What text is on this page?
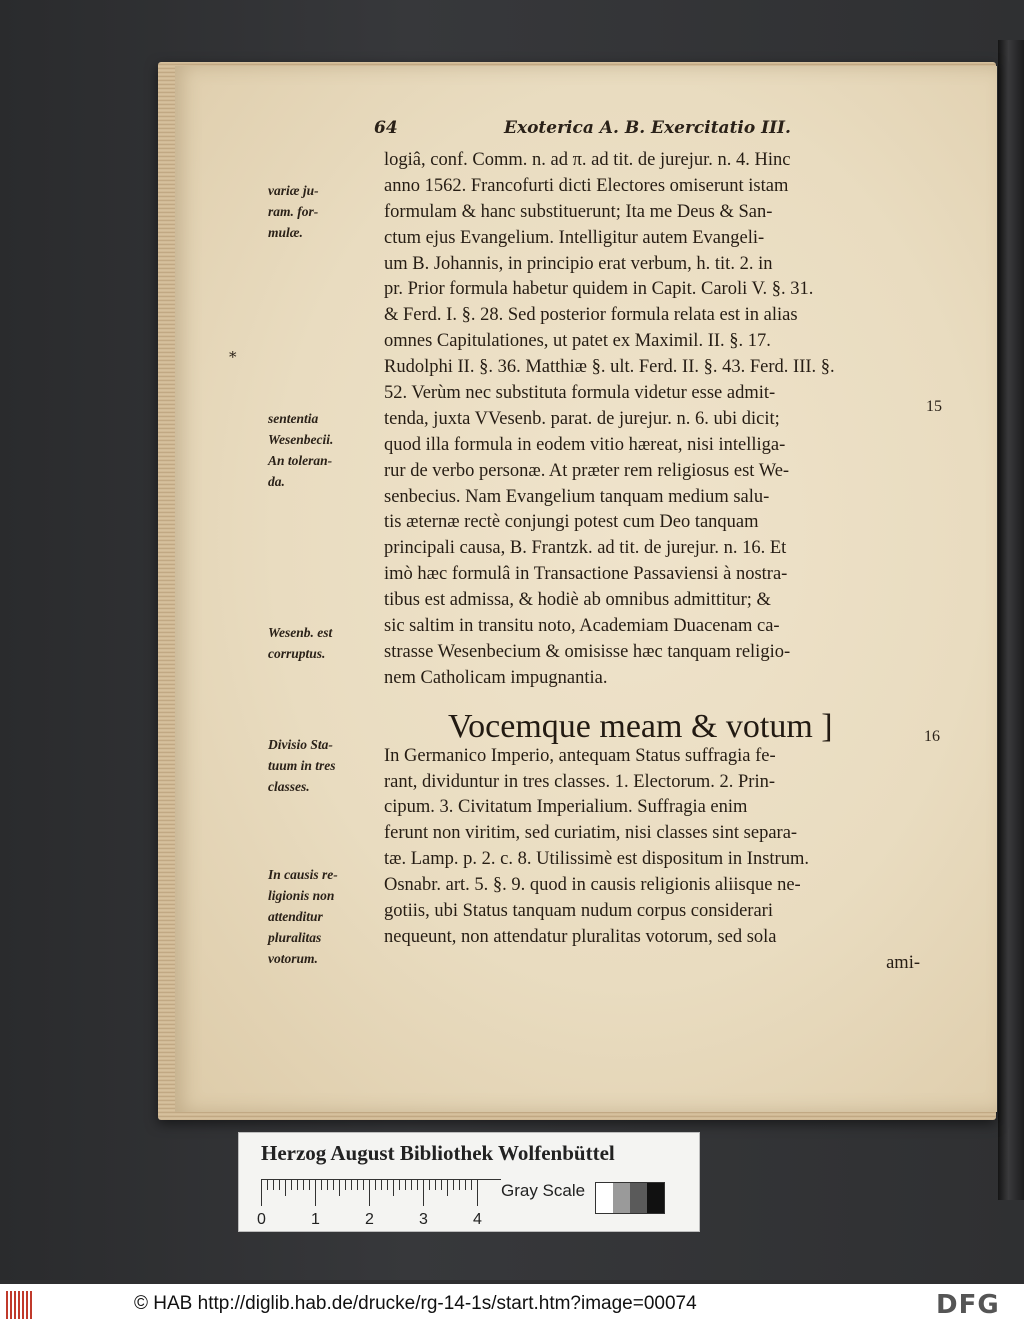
64	Exoterica A. B. Exercitatio III.
*
logiâ, conf. Comm. n. ad π. ad tit. de jurejur. n. 4. Hinc
anno 1562. Francofurti dicti Electores omiserunt istam
formulam & hanc substituerunt; Ita me Deus & San-
ctum ejus Evangelium. Intelligitur autem Evangeli-
um B. Johannis, in principio erat verbum, h. tit. 2. in
pr. Prior formula habetur quidem in Capit. Caroli V. §. 31.
& Ferd. I. §. 28. Sed posterior formula relata est in alias
omnes Capitulationes, ut patet ex Maximil. II. §. 17.
Rudolphi II. §. 36. Matthiæ §. ult. Ferd. II. §. 43. Ferd. III. §.
52. Verùm nec substituta formula videtur esse admit-
tenda, juxta VVesenb. parat. de jurejur. n. 6. ubi dicit;
quod illa formula in eodem vitio hæreat, nisi intelliga-
rur de verbo personæ. At præter rem religiosus est We-
senbecius. Nam Evangelium tanquam medium salu-
tis æternæ rectè conjungi potest cum Deo tanquam
principali causa, B. Frantzk. ad tit. de jurejur. n. 16. Et
imò hæc formulâ in Transactione Passaviensi à nostra-
tibus est admissa, & hodiè ab omnibus admittitur; &
sic saltim in transitu noto, Academiam Duacenam ca-
strasse Wesenbecium & omisisse hæc tanquam religio-
nem Catholicam impugnantia.
In Germanico Imperio, antequam Status suffragia fe-
rant, dividuntur in tres classes. 1. Electorum. 2. Prin-
cipum. 3. Civitatum Imperialium. Suffragia enim
ferunt non viritim, sed curiatim, nisi classes sint separa-
tæ. Lamp. p. 2. c. 8. Utilissimè est dispositum in Instrum.
Osnabr. art. 5. §. 9. quod in causis religionis aliisque ne-
gotiis, ubi Status tanquam nudum corpus considerari
nequeunt, non attendatur pluralitas votorum, sed sola
ami-
Vocemque meam & votum ]
15
16
variæ ju-
ram. for-
mulæ.
sententia
Wesenbecii.
An toleran-
da.
Wesenb. est
corruptus.
Divisio Sta-
tuum in tres
classes.
In causis re-
ligionis non
attenditur
pluralitas
votorum.
Herzog August Bibliothek Wolfenbüttel
0	1	2	3	4
Gray Scale
© HAB http://diglib.hab.de/drucke/rg-14-1s/start.htm?image=00074	DFG
